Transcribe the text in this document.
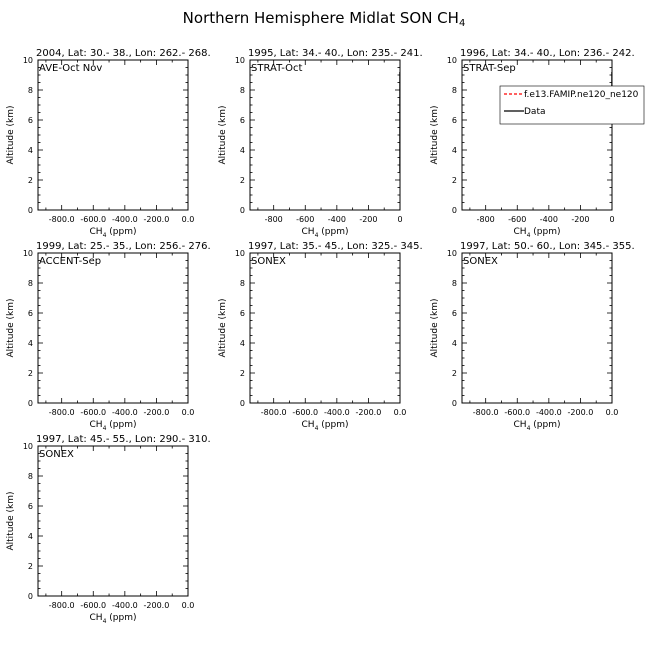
Northern Hemisphere Midlat SON $CH_4$
2004, Lat: 30.- 38., Lon: 262.- 268.
0
2
4
6
8
10
-800.0 -600.0 -400.0 -200.0 0.0
$CH_4$ (ppm)
Altitude (km)
AVE-Oct Nov
1995, Lat: 34.- 40., Lon: 235.- 241.
0
2
4
6
8
10
-800 -600 -400 -200 0
$CH_4$ (ppm)
Altitude (km)
STRAT-Oct
1996, Lat: 34.- 40., Lon: 236.- 242.
0
2
4
6
8
10
-800 -600 -400 -200 0
$CH_4$ (ppm)
Altitude (km)
STRAT-Sep
f.e13.FAMIP.ne120_ne120
Data
1999, Lat: 25.- 35., Lon: 256.- 276.
0
2
4
6
8
10
-800.0 -600.0 -400.0 -200.0 0.0
$CH_4$ (ppm)
Altitude (km)
ACCENT-Sep
1997, Lat: 35.- 45., Lon: 325.- 345.
0
2
4
6
8
10
-800.0 -600.0 -400.0 -200.0 0.0
$CH_4$ (ppm)
Altitude (km)
SONEX
1997, Lat: 50.- 60., Lon: 345.- 355.
0
2
4
6
8
10
-800.0 -600.0 -400.0 -200.0 0.0
$CH_4$ (ppm)
Altitude (km)
SONEX
1997, Lat: 45.- 55., Lon: 290.- 310.
0
2
4
6
8
10
-800.0 -600.0 -400.0 -200.0 0.0
$CH_4$ (ppm)
Altitude (km)
SONEX
